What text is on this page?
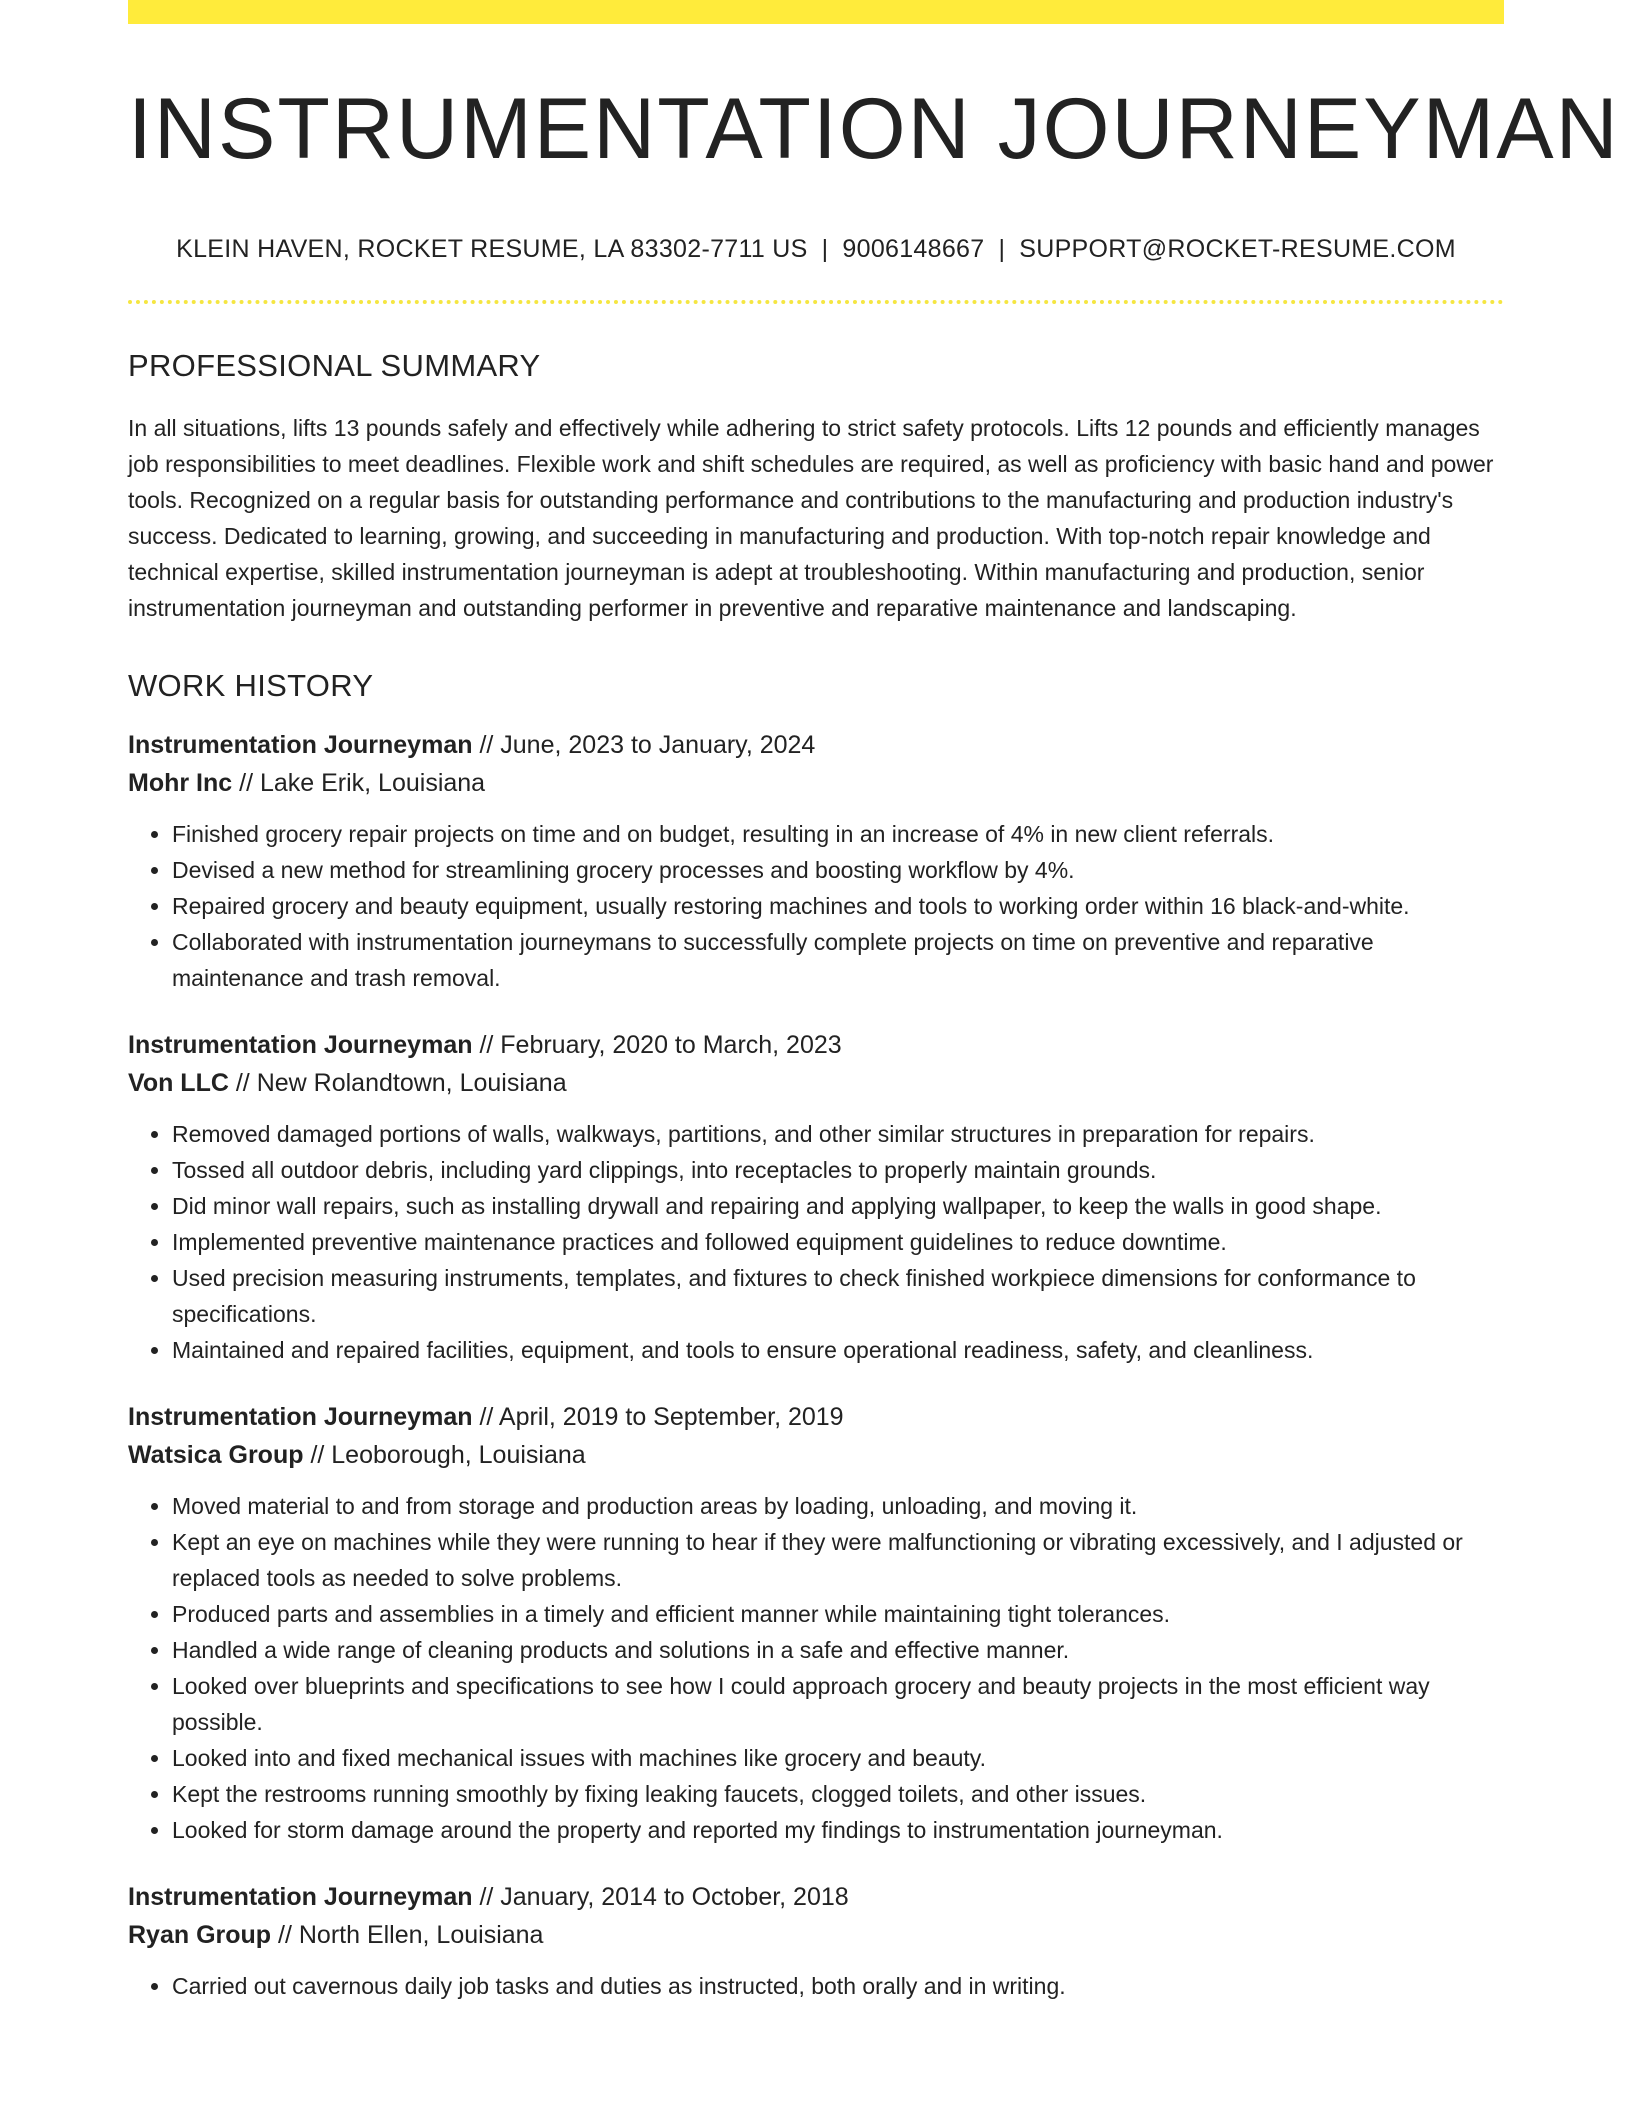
INSTRUMENTATION JOURNEYMAN
KLEIN HAVEN, ROCKET RESUME, LA 83302-7711 US | 9006148667 | SUPPORT@ROCKET-RESUME.COM
PROFESSIONAL SUMMARY

In all situations, lifts 13 pounds safely and effectively while adhering to strict safety protocols. Lifts 12 pounds and efficiently manages job responsibilities to meet deadlines. Flexible work and shift schedules are required, as well as proficiency with basic hand and power tools. Recognized on a regular basis for outstanding performance and contributions to the manufacturing and production industry's success. Dedicated to learning, growing, and succeeding in manufacturing and production. With top-notch repair knowledge and technical expertise, skilled instrumentation journeyman is adept at troubleshooting. Within manufacturing and production, senior instrumentation journeyman and outstanding performer in preventive and reparative maintenance and landscaping.

WORK HISTORY
Instrumentation Journeyman // June, 2023 to January, 2024
Mohr Inc // Lake Erik, Louisiana
• Finished grocery repair projects on time and on budget, resulting in an increase of 4% in new client referrals.
• Devised a new method for streamlining grocery processes and boosting workflow by 4%.
• Repaired grocery and beauty equipment, usually restoring machines and tools to working order within 16 black-and-white.
• Collaborated with instrumentation journeymans to successfully complete projects on time on preventive and reparative maintenance and trash removal.
Instrumentation Journeyman // February, 2020 to March, 2023
Von LLC // New Rolandtown, Louisiana
• Removed damaged portions of walls, walkways, partitions, and other similar structures in preparation for repairs.
• Tossed all outdoor debris, including yard clippings, into receptacles to properly maintain grounds.
• Did minor wall repairs, such as installing drywall and repairing and applying wallpaper, to keep the walls in good shape.
• Implemented preventive maintenance practices and followed equipment guidelines to reduce downtime.
• Used precision measuring instruments, templates, and fixtures to check finished workpiece dimensions for conformance to specifications.
• Maintained and repaired facilities, equipment, and tools to ensure operational readiness, safety, and cleanliness.
Instrumentation Journeyman // April, 2019 to September, 2019
Watsica Group // Leoborough, Louisiana
• Moved material to and from storage and production areas by loading, unloading, and moving it.
• Kept an eye on machines while they were running to hear if they were malfunctioning or vibrating excessively, and I adjusted or replaced tools as needed to solve problems.
• Produced parts and assemblies in a timely and efficient manner while maintaining tight tolerances.
• Handled a wide range of cleaning products and solutions in a safe and effective manner.
• Looked over blueprints and specifications to see how I could approach grocery and beauty projects in the most efficient way possible.
• Looked into and fixed mechanical issues with machines like grocery and beauty.
• Kept the restrooms running smoothly by fixing leaking faucets, clogged toilets, and other issues.
• Looked for storm damage around the property and reported my findings to instrumentation journeyman.
Instrumentation Journeyman // January, 2014 to October, 2018
Ryan Group // North Ellen, Louisiana
• Carried out cavernous daily job tasks and duties as instructed, both orally and in writing.
